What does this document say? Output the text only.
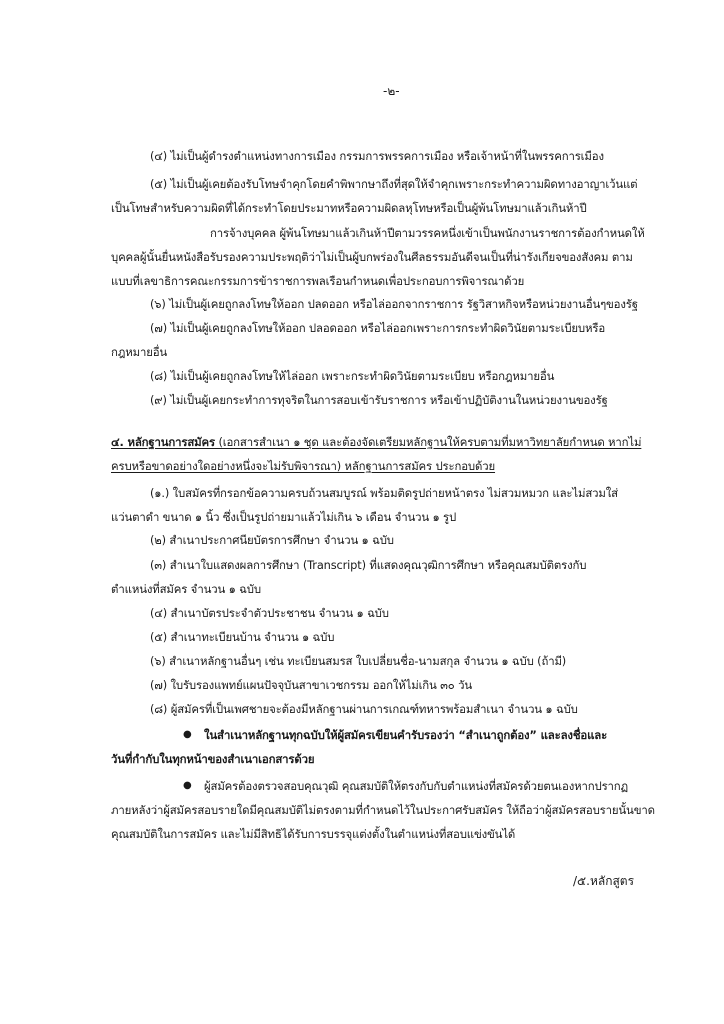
-๒-
(๔) ไม่เป็นผู้ดำรงตำแหน่งทางการเมือง กรรมการพรรคการเมือง หรือเจ้าหน้าที่ในพรรคการเมือง
(๕) ไม่เป็นผู้เคยต้องรับโทษจำคุกโดยคำพิพากษาถึงที่สุดให้จำคุกเพราะกระทำความผิดทางอาญาเว้นแต่
เป็นโทษสำหรับความผิดที่ได้กระทำโดยประมาทหรือความผิดลหุโทษหรือเป็นผู้พ้นโทษมาแล้วเกินห้าปี
การจ้างบุคคล ผู้พ้นโทษมาแล้วเกินห้าปีตามวรรคหนึ่งเข้าเป็นพนักงานราชการต้องกำหนดให้
บุคคลผู้นั้นยื่นหนังสือรับรองความประพฤติว่าไม่เป็นผู้บกพร่องในศีลธรรมอันดีจนเป็นที่น่ารังเกียจของสังคม ตาม
แบบที่เลขาธิการคณะกรรมการข้าราชการพลเรือนกำหนดเพื่อประกอบการพิจารณาด้วย
(๖) ไม่เป็นผู้เคยถูกลงโทษให้ออก ปลดออก หรือไล่ออกจากราชการ รัฐวิสาหกิจหรือหน่วยงานอื่นๆของรัฐ
(๗) ไม่เป็นผู้เคยถูกลงโทษให้ออก ปลอดออก หรือไล่ออกเพราะการกระทำผิดวินัยตามระเบียบหรือ
กฎหมายอื่น
(๘) ไม่เป็นผู้เคยถูกลงโทษให้ไล่ออก เพราะกระทำผิดวินัยตามระเบียบ หรือกฎหมายอื่น
(๙) ไม่เป็นผู้เคยกระทำการทุจริตในการสอบเข้ารับราชการ หรือเข้าปฏิบัติงานในหน่วยงานของรัฐ
๔. หลักฐานการสมัคร (เอกสารสำเนา ๑ ชุด และต้องจัดเตรียมหลักฐานให้ครบตามที่มหาวิทยาลัยกำหนด หากไม่
ครบหรือขาดอย่างใดอย่างหนึ่งจะไม่รับพิจารณา) หลักฐานการสมัคร ประกอบด้วย
(๑.) ใบสมัครที่กรอกข้อความครบถ้วนสมบูรณ์ พร้อมติดรูปถ่ายหน้าตรง ไม่สวมหมวก และไม่สวมใส่
แว่นตาดำ ขนาด ๑ นิ้ว ซึ่งเป็นรูปถ่ายมาแล้วไม่เกิน ๖ เดือน จำนวน ๑ รูป
(๒) สำเนาประกาศนียบัตรการศึกษา จำนวน ๑ ฉบับ
(๓) สำเนาใบแสดงผลการศึกษา (Transcript) ที่แสดงคุณวุฒิการศึกษา หรือคุณสมบัติตรงกับ
ตำแหน่งที่สมัคร จำนวน ๑ ฉบับ
(๔) สำเนาบัตรประจำตัวประชาชน จำนวน ๑ ฉบับ
(๕) สำเนาทะเบียนบ้าน จำนวน ๑ ฉบับ
(๖) สำเนาหลักฐานอื่นๆ เช่น ทะเบียนสมรส ใบเปลี่ยนชื่อ-นามสกุล จำนวน ๑ ฉบับ (ถ้ามี)
(๗) ใบรับรองแพทย์แผนปัจจุบันสาขาเวชกรรม ออกให้ไม่เกิน ๓๐ วัน
(๘) ผู้สมัครที่เป็นเพศชายจะต้องมีหลักฐานผ่านการเกณฑ์ทหารพร้อมสำเนา จำนวน ๑ ฉบับ
● ในสำเนาหลักฐานทุกฉบับให้ผู้สมัครเขียนคำรับรองว่า “สำเนาถูกต้อง” และลงชื่อและ
วันที่กำกับในทุกหน้าของสำเนาเอกสารด้วย
● ผู้สมัครต้องตรวจสอบคุณวุฒิ คุณสมบัติให้ตรงกับกับตำแหน่งที่สมัครด้วยตนเองหากปรากฏ
ภายหลังว่าผู้สมัครสอบรายใดมีคุณสมบัติไม่ตรงตามที่กำหนดไว้ในประกาศรับสมัคร ให้ถือว่าผู้สมัครสอบรายนั้นขาด
คุณสมบัติในการสมัคร และไม่มีสิทธิได้รับการบรรจุแต่งตั้งในตำแหน่งที่สอบแข่งขันได้
/๕.หลักสูตร
